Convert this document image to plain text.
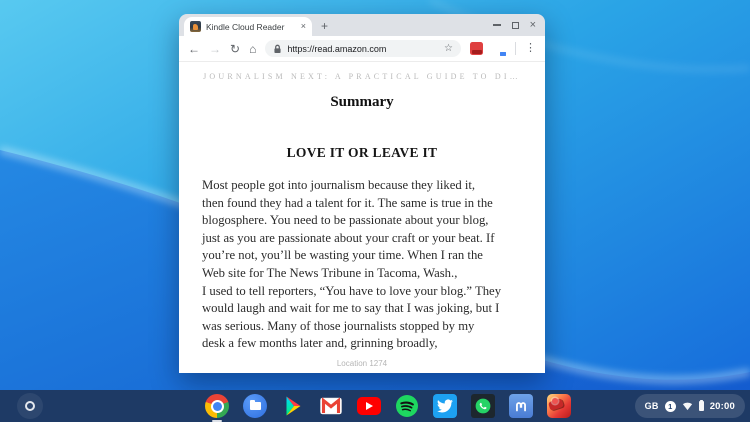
Kindle Cloud Reader	× +	×
← → ↻ ⌂	https://read.amazon.com	☆	⋮
JOURNALISM NEXT: A PRACTICAL GUIDE TO DI…
Summary
LOVE IT OR LEAVE IT
Most people got into journalism because they liked it,
then found they had a talent for it. The same is true in the
blogosphere. You need to be passionate about your blog,
just as you are passionate about your craft or your beat. If
you’re not, you’ll be wasting your time. When I ran the
Web site for The News Tribune in Tacoma, Wash.,
I used to tell reporters, “You have to love your blog.” They
would laugh and wait for me to say that I was joking, but I
was serious. Many of those journalists stopped by my
desk a few months later and, grinning broadly,
Location 1274
GB	1	20:00
